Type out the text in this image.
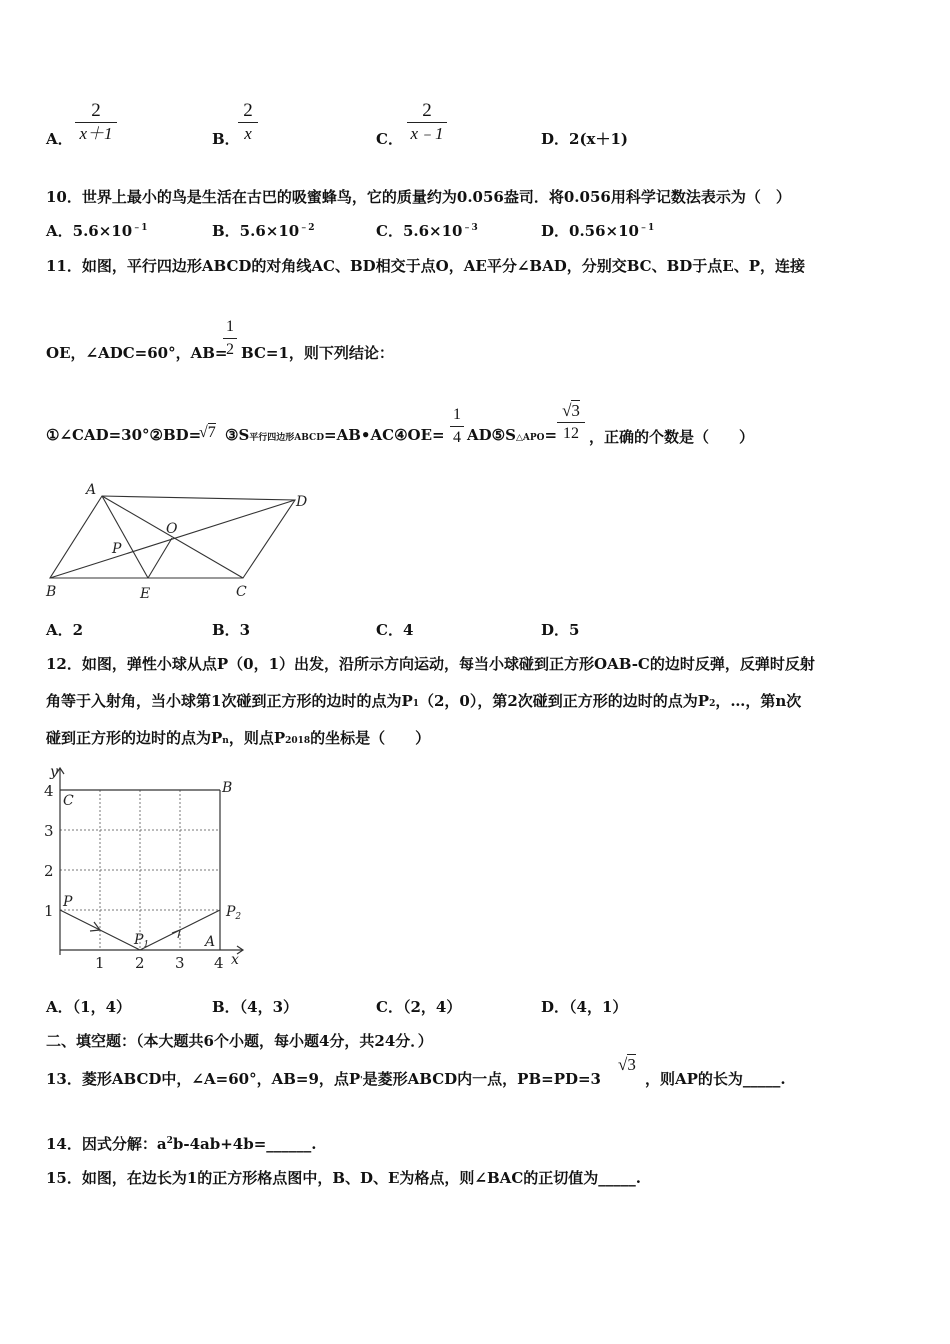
A．
2
x＋1	B．
2
x	C．
2
x﹣1	D．2(x＋1)
10．世界上最小的鸟是生活在古巴的吸蜜蜂鸟，它的质量约为0.056盎司．将0.056用科学记数法表示为（　）
A．$5.6\times 10^{﹣1}$	B．$5.6\times 10^{﹣2}$	C．$5.6\times 10^{﹣3}$	D．$0.56\times 10^{﹣1}$
11．如图，平行四边形ABCD的对角线AC、BD相交于点O，AE平分∠BAD，分别交BC、BD于点E、P，连接
OE，∠ADC=60°，AB=
1
2 BC=1，则下列结论：
①∠CAD=30°②BD=
√7 ③S平行四边形ABCD=AB•AC④OE=
1
4 AD⑤S△APO=
√3
12 ，正确的个数是（　　）
A
D
O
P
B	E	C
A．2	B．3	C．4	D．5
12．如图，弹性小球从点P（0，1）出发，沿所示方向运动，每当小球碰到正方形OAB-C的边时反弹，反弹时反射
角等于入射角，当小球第1次碰到正方形的边时的点为P1（2，0），第2次碰到正方形的边时的点为P2，…，第n次
碰到正方形的边时的点为Pn，则点P2018的坐标是（　　）
4
3
2
1
1 2 3 4
y
x
C
B
P
$P_1$
$P_2$
A
A．（1，4）	B．（4，3）	C．（2，4）	D．（4，1）
二、填空题：（本大题共6个小题，每小题4分，共24分．）
13．菱形ABCD中，∠A=60°，AB=9，点P'是菱形ABCD内一点，PB=PD=3
√3
，则AP的长为_____.
14．因式分解：$a^2b-4ab+4b=\_\_\_\_\_\_$.
15．如图，在边长为1的正方形格点图中，B、D、E为格点，则∠BAC的正切值为_____.
